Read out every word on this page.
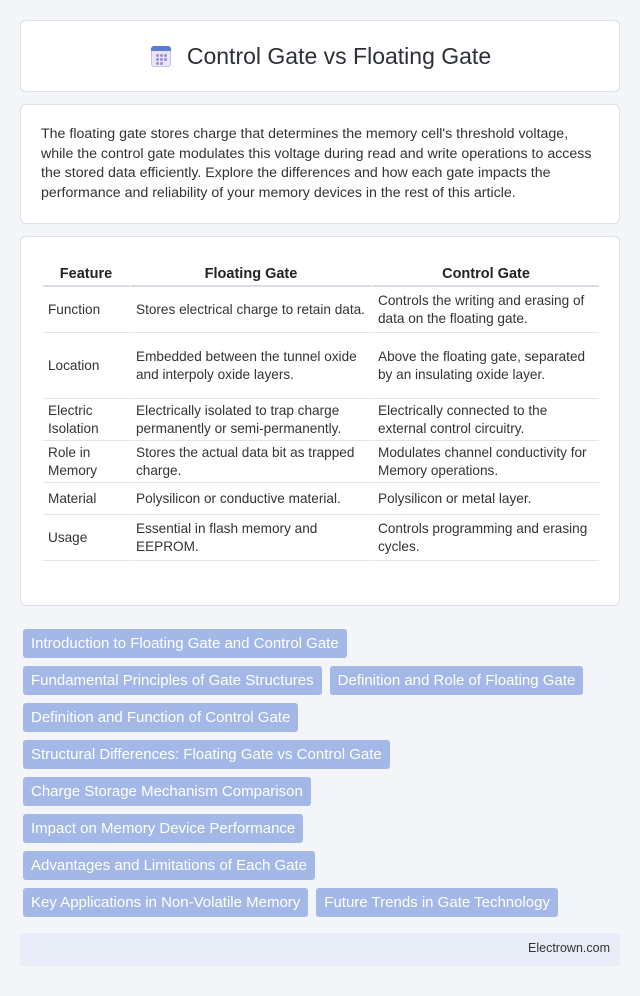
Control Gate vs Floating Gate

The floating gate stores charge that determines the memory cell's threshold voltage, while the control gate modulates this voltage during read and write operations to access the stored data efficiently. Explore the differences and how each gate impacts the performance and reliability of your memory devices in the rest of this article.

Feature	Floating Gate	Control Gate
Function	Stores electrical charge to retain data.	Controls the writing and erasing of data on the floating gate.
Location	Embedded between the tunnel oxide and interpoly oxide layers.	Above the floating gate, separated by an insulating oxide layer.
Electric Isolation	Electrically isolated to trap charge permanently or semi-permanently.	Electrically connected to the external control circuitry.
Role in Memory	Stores the actual data bit as trapped charge.	Modulates channel conductivity for Memory operations.
Material	Polysilicon or conductive material.	Polysilicon or metal layer.
Usage	Essential in flash memory and EEPROM.	Controls programming and erasing cycles.
Introduction to Floating Gate and Control Gate
Fundamental Principles of Gate Structures	Definition and Role of Floating Gate
Definition and Function of Control Gate
Structural Differences: Floating Gate vs Control Gate
Charge Storage Mechanism Comparison
Impact on Memory Device Performance
Advantages and Limitations of Each Gate
Key Applications in Non-Volatile Memory	Future Trends in Gate Technology
Electrown.com
